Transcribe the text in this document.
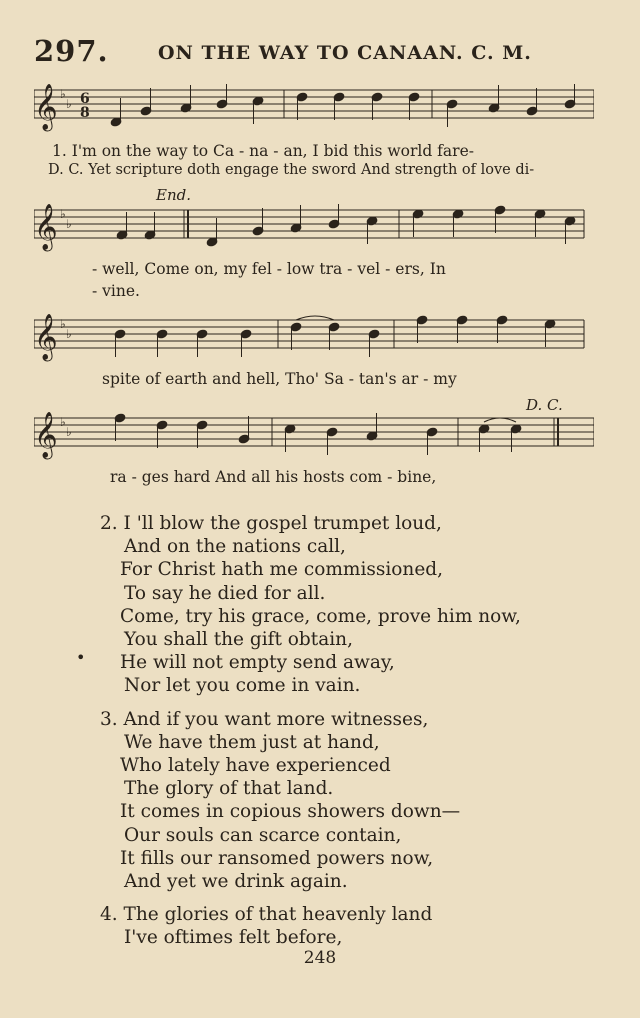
297.	ON THE WAY TO CANAAN. C. M.
𝄞 ♭
♭ 6
8
1. I'm on the way to Ca - na - an, I bid this world fare-
D. C. Yet scripture doth engage the sword And strength of love di-
End.
𝄞 ♭
♭
- well, Come on, my fel - low tra - vel - ers, In
- vine.
𝄞 ♭
♭
spite of earth and hell, Tho' Sa - tan's ar - my
D. C.
𝄞 ♭
♭
ra - ges hard And all his hosts com - bine,
•
2. I 'll blow the gospel trumpet loud,
And on the nations call,
For Christ hath me commissioned,
To say he died for all.
Come, try his grace, come, prove him now,
You shall the gift obtain,
He will not empty send away,
Nor let you come in vain.
3. And if you want more witnesses,
We have them just at hand,
Who lately have experienced
The glory of that land.
It comes in copious showers down—
Our souls can scarce contain,
It fills our ransomed powers now,
And yet we drink again.
4. The glories of that heavenly land
I've oftimes felt before,
248
